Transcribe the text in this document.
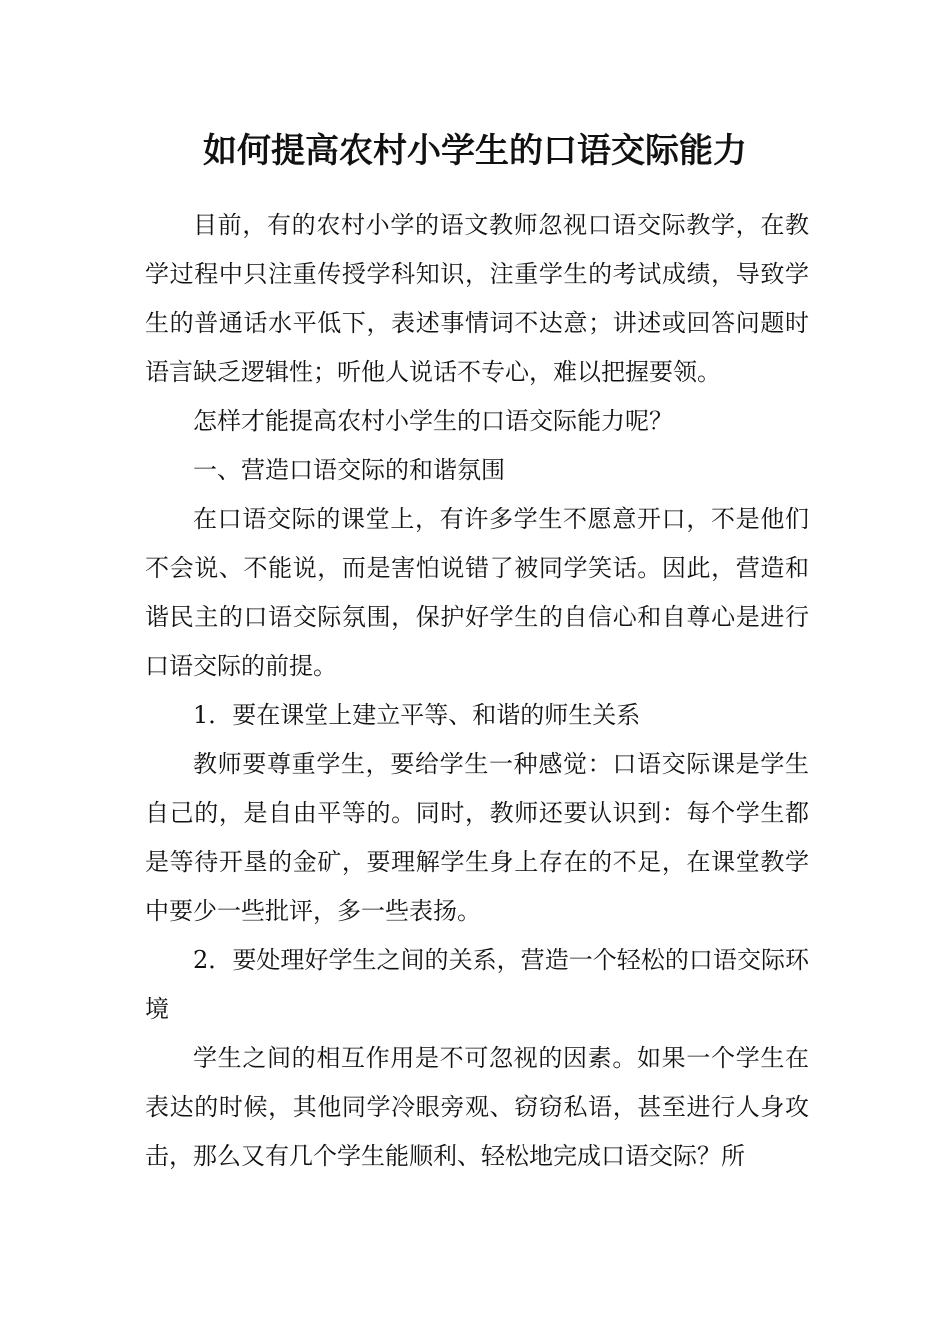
如何提高农村小学生的口语交际能力

目前，有的农村小学的语文教师忽视口语交际教学，在教学过程中只注重传授学科知识，注重学生的考试成绩，导致学生的普通话水平低下，表述事情词不达意；讲述或回答问题时语言缺乏逻辑性；听他人说话不专心，难以把握要领。

怎样才能提高农村小学生的口语交际能力呢？

一、营造口语交际的和谐氛围

在口语交际的课堂上，有许多学生不愿意开口，不是他们不会说、不能说，而是害怕说错了被同学笑话。因此，营造和谐民主的口语交际氛围，保护好学生的自信心和自尊心是进行口语交际的前提。

1．要在课堂上建立平等、和谐的师生关系

教师要尊重学生，要给学生一种感觉：口语交际课是学生自己的，是自由平等的。同时，教师还要认识到：每个学生都是等待开垦的金矿，要理解学生身上存在的不足，在课堂教学中要少一些批评，多一些表扬。

2．要处理好学生之间的关系，营造一个轻松的口语交际环境

学生之间的相互作用是不可忽视的因素。如果一个学生在表达的时候，其他同学冷眼旁观、窃窃私语，甚至进行人身攻击，那么又有几个学生能顺利、轻松地完成口语交际？所
